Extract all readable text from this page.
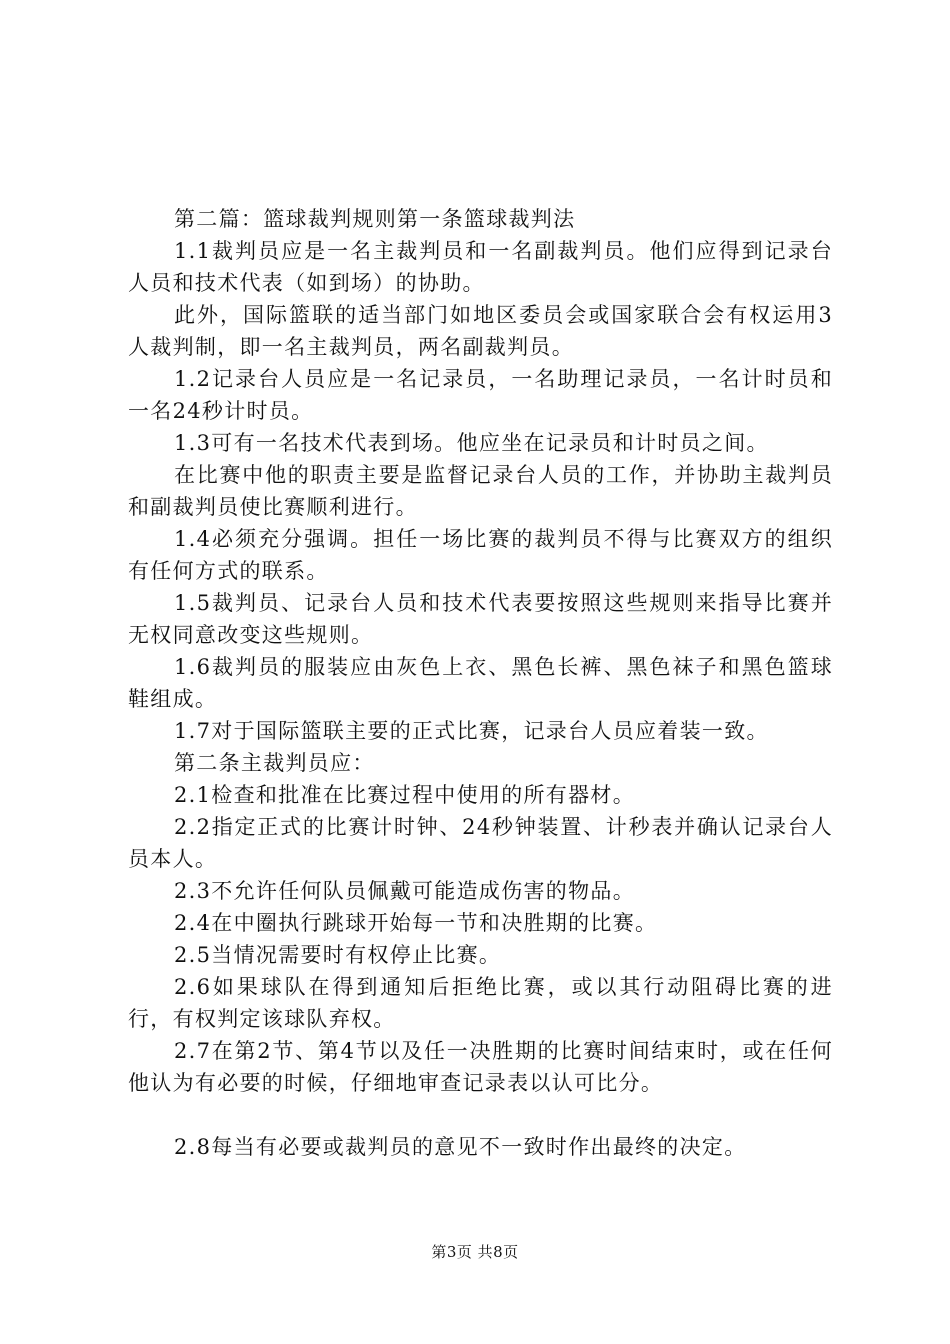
第二篇：篮球裁判规则第一条篮球裁判法

1.1裁判员应是一名主裁判员和一名副裁判员。他们应得到记录台人员和技术代表（如到场）的协助。

此外，国际篮联的适当部门如地区委员会或国家联合会有权运用3人裁判制，即一名主裁判员，两名副裁判员。

1.2记录台人员应是一名记录员，一名助理记录员，一名计时员和一名24秒计时员。

1.3可有一名技术代表到场。他应坐在记录员和计时员之间。

在比赛中他的职责主要是监督记录台人员的工作，并协助主裁判员和副裁判员使比赛顺利进行。

1.4必须充分强调。担任一场比赛的裁判员不得与比赛双方的组织有任何方式的联系。

1.5裁判员、记录台人员和技术代表要按照这些规则来指导比赛并无权同意改变这些规则。

1.6裁判员的服装应由灰色上衣、黑色长裤、黑色袜子和黑色篮球鞋组成。

1.7对于国际篮联主要的正式比赛，记录台人员应着装一致。

第二条主裁判员应：

2.1检查和批准在比赛过程中使用的所有器材。

2.2指定正式的比赛计时钟、24秒钟装置、计秒表并确认记录台人员本人。

2.3不允许任何队员佩戴可能造成伤害的物品。

2.4在中圈执行跳球开始每一节和决胜期的比赛。

2.5当情况需要时有权停止比赛。

2.6如果球队在得到通知后拒绝比赛，或以其行动阻碍比赛的进行，有权判定该球队弃权。

2.7在第2节、第4节以及任一决胜期的比赛时间结束时，或在任何他认为有必要的时候，仔细地审查记录表以认可比分。

2.8每当有必要或裁判员的意见不一致时作出最终的决定。

第3页 共8页
